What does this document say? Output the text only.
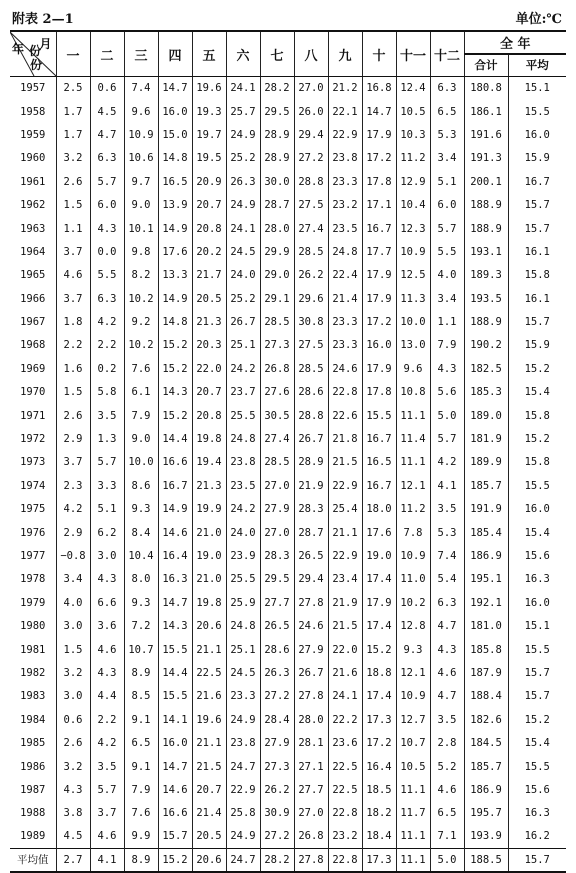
附表 2—1	单位:℃
年 月
份
份	一	二	三	四	五	六	七	八	九	十	十一	十二	全 年	
													合计	平均
1957	2.5	0.6	7.4	14.7	19.6	24.1	28.2	27.0	21.2	16.8	12.4	6.3	180.8	15.1
1958	1.7	4.5	9.6	16.0	19.3	25.7	29.5	26.0	22.1	14.7	10.5	6.5	186.1	15.5
1959	1.7	4.7	10.9	15.0	19.7	24.9	28.9	29.4	22.9	17.9	10.3	5.3	191.6	16.0
1960	3.2	6.3	10.6	14.8	19.5	25.2	28.9	27.2	23.8	17.2	11.2	3.4	191.3	15.9
1961	2.6	5.7	9.7	16.5	20.9	26.3	30.0	28.8	23.3	17.8	12.9	5.1	200.1	16.7
1962	1.5	6.0	9.0	13.9	20.7	24.9	28.7	27.5	23.2	17.1	10.4	6.0	188.9	15.7
1963	1.1	4.3	10.1	14.9	20.8	24.1	28.0	27.4	23.5	16.7	12.3	5.7	188.9	15.7
1964	3.7	0.0	9.8	17.6	20.2	24.5	29.9	28.5	24.8	17.7	10.9	5.5	193.1	16.1
1965	4.6	5.5	8.2	13.3	21.7	24.0	29.0	26.2	22.4	17.9	12.5	4.0	189.3	15.8
1966	3.7	6.3	10.2	14.9	20.5	25.2	29.1	29.6	21.4	17.9	11.3	3.4	193.5	16.1
1967	1.8	4.2	9.2	14.8	21.3	26.7	28.5	30.8	23.3	17.2	10.0	1.1	188.9	15.7
1968	2.2	2.2	10.2	15.2	20.3	25.1	27.3	27.5	23.3	16.0	13.0	7.9	190.2	15.9
1969	1.6	0.2	7.6	15.2	22.0	24.2	26.8	28.5	24.6	17.9	9.6	4.3	182.5	15.2
1970	1.5	5.8	6.1	14.3	20.7	23.7	27.6	28.6	22.8	17.8	10.8	5.6	185.3	15.4
1971	2.6	3.5	7.9	15.2	20.8	25.5	30.5	28.8	22.6	15.5	11.1	5.0	189.0	15.8
1972	2.9	1.3	9.0	14.4	19.8	24.8	27.4	26.7	21.8	16.7	11.4	5.7	181.9	15.2
1973	3.7	5.7	10.0	16.6	19.4	23.8	28.5	28.9	21.5	16.5	11.1	4.2	189.9	15.8
1974	2.3	3.3	8.6	16.7	21.3	23.5	27.0	21.9	22.9	16.7	12.1	4.1	185.7	15.5
1975	4.2	5.1	9.3	14.9	19.9	24.2	27.9	28.3	25.4	18.0	11.2	3.5	191.9	16.0
1976	2.9	6.2	8.4	14.6	21.0	24.0	27.0	28.7	21.1	17.6	7.8	5.3	185.4	15.4
1977	−0.8	3.0	10.4	16.4	19.0	23.9	28.3	26.5	22.9	19.0	10.9	7.4	186.9	15.6
1978	3.4	4.3	8.0	16.3	21.0	25.5	29.5	29.4	23.4	17.4	11.0	5.4	195.1	16.3
1979	4.0	6.6	9.3	14.7	19.8	25.9	27.7	27.8	21.9	17.9	10.2	6.3	192.1	16.0
1980	3.0	3.6	7.2	14.3	20.6	24.8	26.5	24.6	21.5	17.4	12.8	4.7	181.0	15.1
1981	1.5	4.6	10.7	15.5	21.1	25.1	28.6	27.9	22.0	15.2	9.3	4.3	185.8	15.5
1982	3.2	4.3	8.9	14.4	22.5	24.5	26.3	26.7	21.6	18.8	12.1	4.6	187.9	15.7
1983	3.0	4.4	8.5	15.5	21.6	23.3	27.2	27.8	24.1	17.4	10.9	4.7	188.4	15.7
1984	0.6	2.2	9.1	14.1	19.6	24.9	28.4	28.0	22.2	17.3	12.7	3.5	182.6	15.2
1985	2.6	4.2	6.5	16.0	21.1	23.8	27.9	28.1	23.6	17.2	10.7	2.8	184.5	15.4
1986	3.2	3.5	9.1	14.7	21.5	24.7	27.3	27.1	22.5	16.4	10.5	5.2	185.7	15.5
1987	4.3	5.7	7.9	14.6	20.7	22.9	26.2	27.7	22.5	18.5	11.1	4.6	186.9	15.6
1988	3.8	3.7	7.6	16.6	21.4	25.8	30.9	27.0	22.8	18.2	11.7	6.5	195.7	16.3
1989	4.5	4.6	9.9	15.7	20.5	24.9	27.2	26.8	23.2	18.4	11.1	7.1	193.9	16.2
平均值	2.7	4.1	8.9	15.2	20.6	24.7	28.2	27.8	22.8	17.3	11.1	5.0	188.5	15.7
